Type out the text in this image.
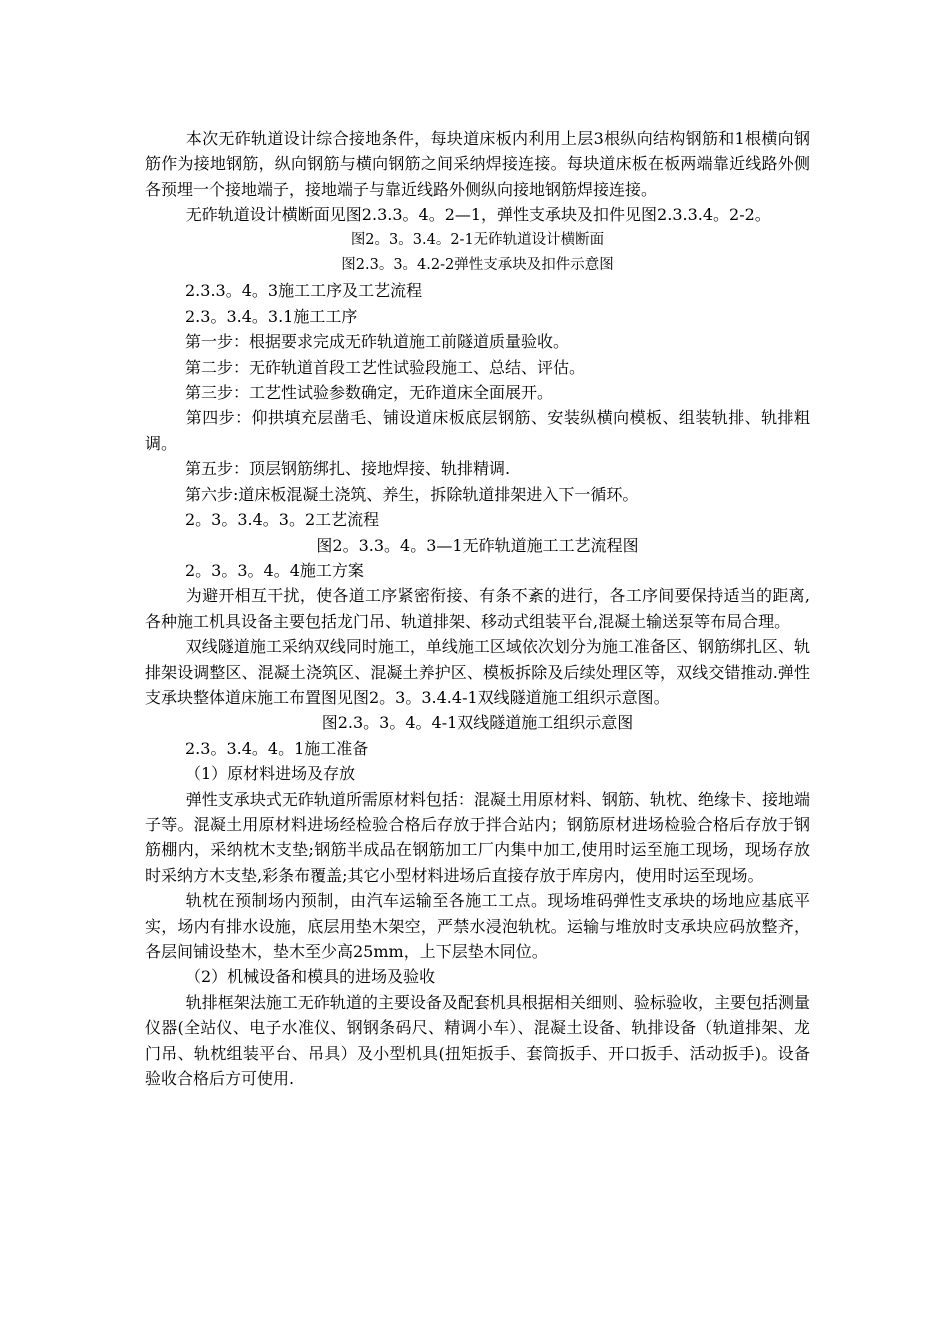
本次无砟轨道设计综合接地条件，每块道床板内利用上层3根纵向结构钢筋和1根横向钢筋作为接地钢筋，纵向钢筋与横向钢筋之间采纳焊接连接。每块道床板在板两端靠近线路外侧各预埋一个接地端子，接地端子与靠近线路外侧纵向接地钢筋焊接连接。

无砟轨道设计横断面见图2.3.3。4。2—1，弹性支承块及扣件见图2.3.3.4。2-2。

图2。3。3.4。2-1无砟轨道设计横断面

图2.3。3。4.2-2弹性支承块及扣件示意图

2.3.3。4。3施工工序及工艺流程

2.3。3.4。3.1施工工序

第一步：根据要求完成无砟轨道施工前隧道质量验收。

第二步：无砟轨道首段工艺性试验段施工、总结、评估。

第三步：工艺性试验参数确定，无砟道床全面展开。

第四步：仰拱填充层凿毛、铺设道床板底层钢筋、安装纵横向模板、组装轨排、轨排粗调。

第五步：顶层钢筋绑扎、接地焊接、轨排精调.

第六步:道床板混凝土浇筑、养生，拆除轨道排架进入下一循环。

2。3。3.4。3。2工艺流程

图2。3.3。4。3—1无砟轨道施工工艺流程图

2。3。3。4。4施工方案

为避开相互干扰，使各道工序紧密衔接、有条不紊的进行，各工序间要保持适当的距离,各种施工机具设备主要包括龙门吊、轨道排架、移动式组装平台,混凝土输送泵等布局合理。

双线隧道施工采纳双线同时施工，单线施工区域依次划分为施工准备区、钢筋绑扎区、轨排架设调整区、混凝土浇筑区、混凝土养护区、模板拆除及后续处理区等，双线交错推动.弹性支承块整体道床施工布置图见图2。3。3.4.4-1双线隧道施工组织示意图。

图2.3。3。4。4-1双线隧道施工组织示意图

2.3。3.4。4。1施工准备

（1）原材料进场及存放

弹性支承块式无砟轨道所需原材料包括：混凝土用原材料、钢筋、轨枕、绝缘卡、接地端子等。混凝土用原材料进场经检验合格后存放于拌合站内；钢筋原材进场检验合格后存放于钢筋棚内，采纳枕木支垫;钢筋半成品在钢筋加工厂内集中加工,使用时运至施工现场，现场存放时采纳方木支垫,彩条布覆盖;其它小型材料进场后直接存放于库房内，使用时运至现场。

轨枕在预制场内预制，由汽车运输至各施工工点。现场堆码弹性支承块的场地应基底平实，场内有排水设施，底层用垫木架空，严禁水浸泡轨枕。运输与堆放时支承块应码放整齐，各层间铺设垫木，垫木至少高25mm，上下层垫木同位。

（2）机械设备和模具的进场及验收

轨排框架法施工无砟轨道的主要设备及配套机具根据相关细则、验标验收，主要包括测量仪器(全站仪、电子水准仪、钢钢条码尺、精调小车）、混凝土设备、轨排设备（轨道排架、龙门吊、轨枕组装平台、吊具）及小型机具(扭矩扳手、套筒扳手、开口扳手、活动扳手)。设备验收合格后方可使用.
